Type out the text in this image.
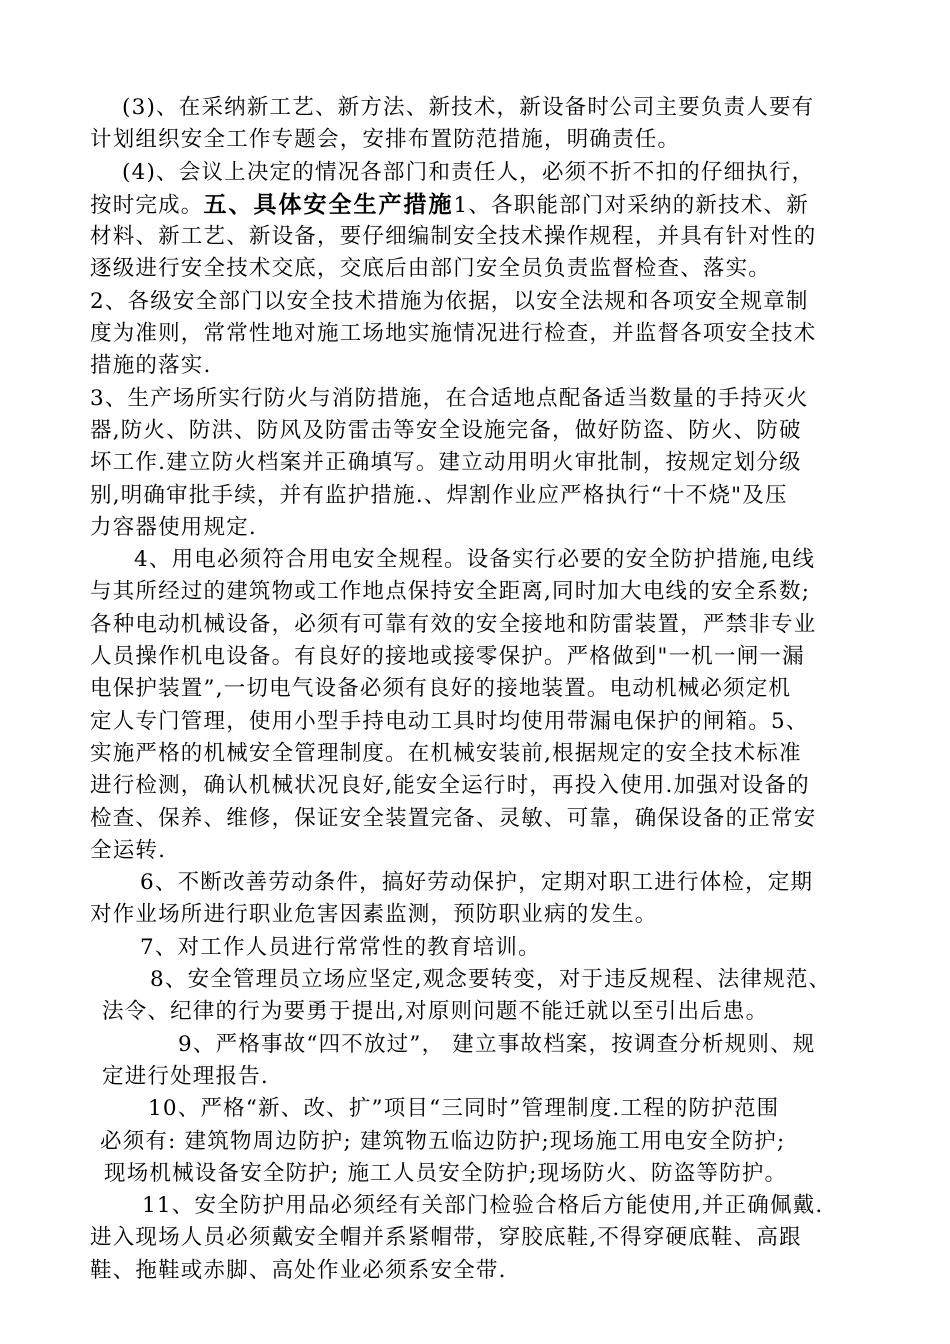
(3)、在采纳新工艺、新方法、新技术，新设备时公司主要负责人要有
计划组织安全工作专题会，安排布置防范措施，明确责任。
(4)、会议上决定的情况各部门和责任人，必须不折不扣的仔细执行，
按时完成。五、具体安全生产措施1、各职能部门对采纳的新技术、新
材料、新工艺、新设备，要仔细编制安全技术操作规程，并具有针对性的
逐级进行安全技术交底，交底后由部门安全员负责监督检查、落实。
2、各级安全部门以安全技术措施为依据，以安全法规和各项安全规章制
度为准则，常常性地对施工场地实施情况进行检查，并监督各项安全技术
措施的落实.
3、生产场所实行防火与消防措施，在合适地点配备适当数量的手持灭火
器,防火、防洪、防风及防雷击等安全设施完备，做好防盗、防火、防破
坏工作.建立防火档案并正确填写。建立动用明火审批制，按规定划分级
别,明确审批手续，并有监护措施.、焊割作业应严格执行“十不烧"及压
力容器使用规定.
4、用电必须符合用电安全规程。设备实行必要的安全防护措施,电线
与其所经过的建筑物或工作地点保持安全距离,同时加大电线的安全系数;
各种电动机械设备，必须有可靠有效的安全接地和防雷装置，严禁非专业
人员操作机电设备。有良好的接地或接零保护。严格做到"一机一闸一漏
电保护装置”,一切电气设备必须有良好的接地装置。电动机械必须定机
定人专门管理，使用小型手持电动工具时均使用带漏电保护的闸箱。5、
实施严格的机械安全管理制度。在机械安装前,根据规定的安全技术标准
进行检测，确认机械状况良好,能安全运行时，再投入使用.加强对设备的
检查、保养、维修，保证安全装置完备、灵敏、可靠，确保设备的正常安
全运转.
6、不断改善劳动条件，搞好劳动保护，定期对职工进行体检，定期
对作业场所进行职业危害因素监测，预防职业病的发生。
7、对工作人员进行常常性的教育培训。
8、安全管理员立场应坚定,观念要转变，对于违反规程、法律规范、
法令、纪律的行为要勇于提出,对原则问题不能迁就以至引出后患。
9、严格事故“四不放过”， 建立事故档案，按调查分析规则、规
定进行处理报告.
10、严格“新、改、扩”项目“三同时”管理制度.工程的防护范围
必须有: 建筑物周边防护; 建筑物五临边防护;现场施工用电安全防护;
现场机械设备安全防护; 施工人员安全防护;现场防火、防盗等防护。
11、安全防护用品必须经有关部门检验合格后方能使用,并正确佩戴.
进入现场人员必须戴安全帽并系紧帽带，穿胶底鞋,不得穿硬底鞋、高跟
鞋、拖鞋或赤脚、高处作业必须系安全带.
